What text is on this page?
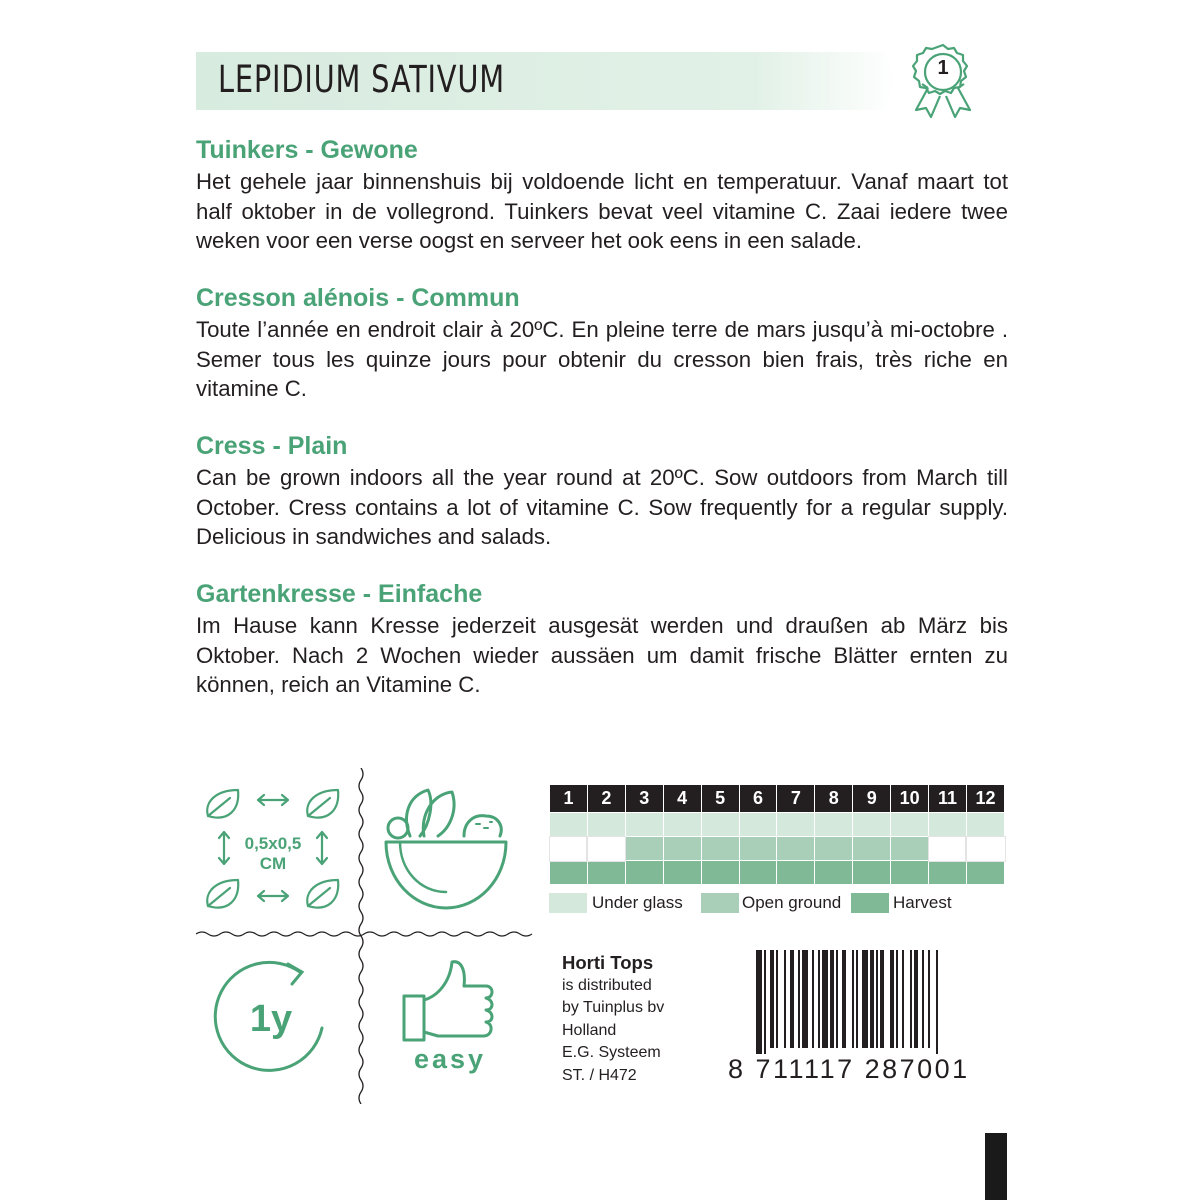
LEPIDIUM SATIVUM	1
Tuinkers - Gewone
Het gehele jaar binnenshuis bij voldoende licht en temperatuur. Vanaf maart tot half oktober in de vollegrond. Tuinkers bevat veel vitamine C. Zaai iedere twee weken voor een verse oogst en serveer het ook eens in een salade.
Cresson alénois - Commun
Toute l’année en endroit clair à 20ºC. En pleine terre de mars jusqu’à mi-octobre . Semer tous les quinze jours pour obtenir du cresson bien frais, très riche en vitamine C.
Cress - Plain
Can be grown indoors all the year round at 20ºC. Sow outdoors from March till October. Cress contains a lot of vitamine C. Sow frequently for a regular supply. Delicious in sandwiches and salads.
Gartenkresse - Einfache
Im Hause kann Kresse jederzeit ausgesät werden und draußen ab März bis Oktober. Nach 2 Wochen wieder aussäen um damit frische Blätter ernten zu können, reich an Vitamine C.
0,5x0,5
CM
1y
easy
1	2	3	4	5	6	7	8	9	10	11	12

Under glass	Open ground	Harvest
Horti Tops
is distributed
by Tuinplus bv
Holland
E.G. Systeem
ST. / H472	8 711117 287001
